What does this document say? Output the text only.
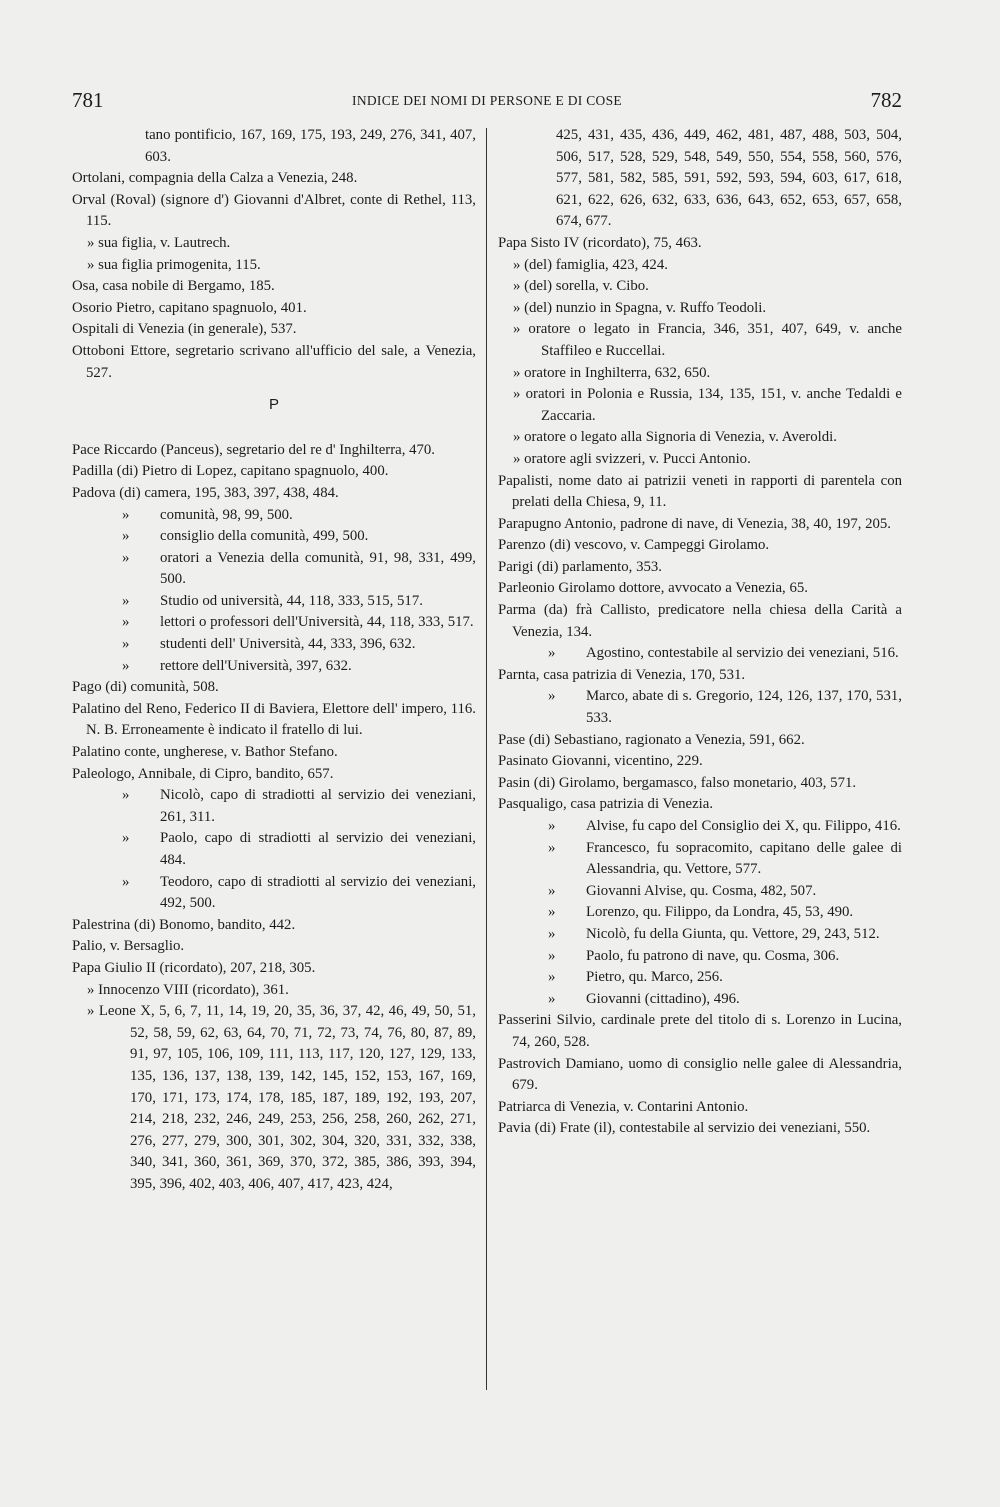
781	INDICE DEI NOMI DI PERSONE E DI COSE	782
tano pontificio, 167, 169, 175, 193, 249, 276, 341, 407, 603.
Ortolani, compagnia della Calza a Venezia, 248.
Orval (Roval) (signore d') Giovanni d'Albret, conte di Rethel, 113, 115.
» sua figlia, v. Lautrech.
» sua figlia primogenita, 115.
Osa, casa nobile di Bergamo, 185.
Osorio Pietro, capitano spagnuolo, 401.
Ospitali di Venezia (in generale), 537.
Ottoboni Ettore, segretario scrivano all'ufficio del sale, a Venezia, 527.
P
Pace Riccardo (Panceus), segretario del re d' Inghilterra, 470.
Padilla (di) Pietro di Lopez, capitano spagnuolo, 400.
Padova (di) camera, 195, 383, 397, 438, 484.
» comunità, 98, 99, 500.
» consiglio della comunità, 499, 500.
» oratori a Venezia della comunità, 91, 98, 331, 499, 500.
» Studio od università, 44, 118, 333, 515, 517.
» lettori o professori dell'Università, 44, 118, 333, 517.
» studenti dell' Università, 44, 333, 396, 632.
» rettore dell'Università, 397, 632.
Pago (di) comunità, 508.
Palatino del Reno, Federico II di Baviera, Elettore dell' impero, 116. N. B. Erroneamente è indicato il fratello di lui.
Palatino conte, ungherese, v. Bathor Stefano.
Paleologo, Annibale, di Cipro, bandito, 657.
» Nicolò, capo di stradiotti al servizio dei veneziani, 261, 311.
» Paolo, capo di stradiotti al servizio dei veneziani, 484.
» Teodoro, capo di stradiotti al servizio dei veneziani, 492, 500.
Palestrina (di) Bonomo, bandito, 442.
Palio, v. Bersaglio.
Papa Giulio II (ricordato), 207, 218, 305.
» Innocenzo VIII (ricordato), 361.
» Leone X, 5, 6, 7, 11, 14, 19, 20, 35, 36, 37, 42, 46, 49, 50, 51, 52, 58, 59, 62, 63, 64, 70, 71, 72, 73, 74, 76, 80, 87, 89, 91, 97, 105, 106, 109, 111, 113, 117, 120, 127, 129, 133, 135, 136, 137, 138, 139, 142, 145, 152, 153, 167, 169, 170, 171, 173, 174, 178, 185, 187, 189, 192, 193, 207, 214, 218, 232, 246, 249, 253, 256, 258, 260, 262, 271, 276, 277, 279, 300, 301, 302, 304, 320, 331, 332, 338, 340, 341, 360, 361, 369, 370, 372, 385, 386, 393, 394, 395, 396, 402, 403, 406, 407, 417, 423, 424,
425, 431, 435, 436, 449, 462, 481, 487, 488, 503, 504, 506, 517, 528, 529, 548, 549, 550, 554, 558, 560, 576, 577, 581, 582, 585, 591, 592, 593, 594, 603, 617, 618, 621, 622, 626, 632, 633, 636, 643, 652, 653, 657, 658, 674, 677.
Papa Sisto IV (ricordato), 75, 463.
» (del) famiglia, 423, 424.
» (del) sorella, v. Cibo.
» (del) nunzio in Spagna, v. Ruffo Teodoli.
» oratore o legato in Francia, 346, 351, 407, 649, v. anche Staffileo e Ruccellai.
» oratore in Inghilterra, 632, 650.
» oratori in Polonia e Russia, 134, 135, 151, v. anche Tedaldi e Zaccaria.
» oratore o legato alla Signoria di Venezia, v. Averoldi.
» oratore agli svizzeri, v. Pucci Antonio.
Papalisti, nome dato ai patrizii veneti in rapporti di parentela con prelati della Chiesa, 9, 11.
Parapugno Antonio, padrone di nave, di Venezia, 38, 40, 197, 205.
Parenzo (di) vescovo, v. Campeggi Girolamo.
Parigi (di) parlamento, 353.
Parleonio Girolamo dottore, avvocato a Venezia, 65.
Parma (da) frà Callisto, predicatore nella chiesa della Carità a Venezia, 134.
» Agostino, contestabile al servizio dei veneziani, 516.
Parnta, casa patrizia di Venezia, 170, 531.
» Marco, abate di s. Gregorio, 124, 126, 137, 170, 531, 533.
Pase (di) Sebastiano, ragionato a Venezia, 591, 662.
Pasinato Giovanni, vicentino, 229.
Pasin (di) Girolamo, bergamasco, falso monetario, 403, 571.
Pasqualigo, casa patrizia di Venezia.
» Alvise, fu capo del Consiglio dei X, qu. Filippo, 416.
» Francesco, fu sopracomito, capitano delle galee di Alessandria, qu. Vettore, 577.
» Giovanni Alvise, qu. Cosma, 482, 507.
» Lorenzo, qu. Filippo, da Londra, 45, 53, 490.
» Nicolò, fu della Giunta, qu. Vettore, 29, 243, 512.
» Paolo, fu patrono di nave, qu. Cosma, 306.
» Pietro, qu. Marco, 256.
» Giovanni (cittadino), 496.
Passerini Silvio, cardinale prete del titolo di s. Lorenzo in Lucina, 74, 260, 528.
Pastrovich Damiano, uomo di consiglio nelle galee di Alessandria, 679.
Patriarca di Venezia, v. Contarini Antonio.
Pavia (di) Frate (il), contestabile al servizio dei veneziani, 550.
